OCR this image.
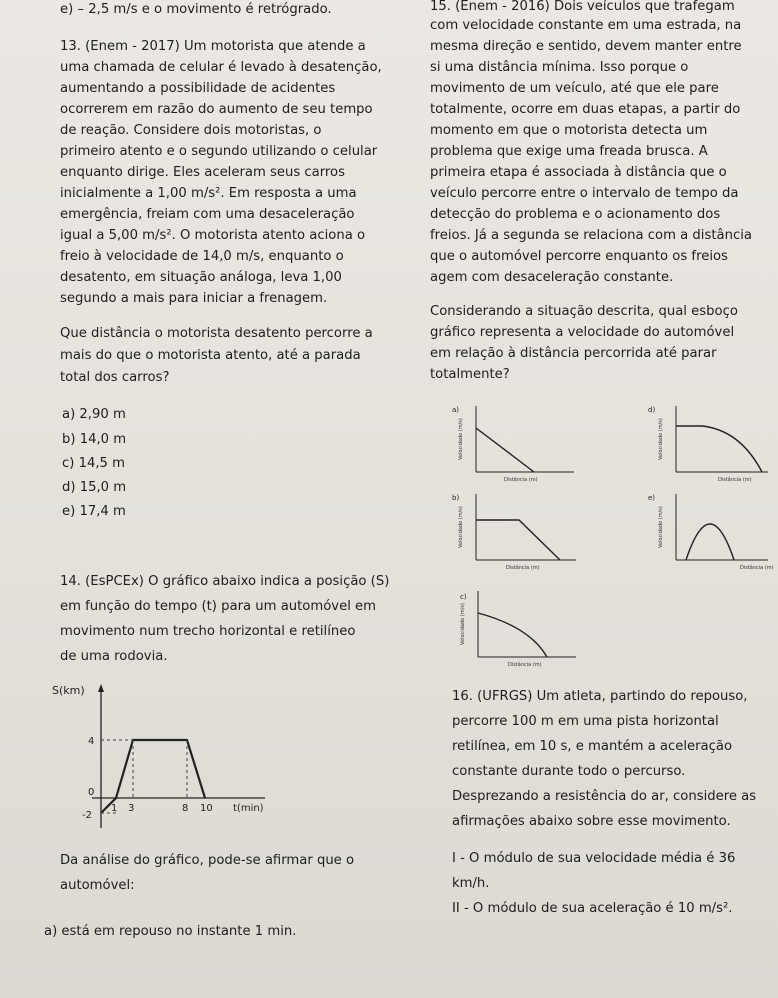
e) – 2,5 m/s e o movimento é retrógrado.
13. (Enem - 2017) Um motorista que atende a
uma chamada de celular é levado à desatenção,
aumentando a possibilidade de acidentes
ocorrerem em razão do aumento de seu tempo
de reação. Considere dois motoristas, o
primeiro atento e o segundo utilizando o celular
enquanto dirige. Eles aceleram seus carros
inicialmente a 1,00 m/s². Em resposta a uma
emergência, freiam com uma desaceleração
igual a 5,00 m/s². O motorista atento aciona o
freio à velocidade de 14,0 m/s, enquanto o
desatento, em situação análoga, leva 1,00
segundo a mais para iniciar a frenagem.
Que distância o motorista desatento percorre a
mais do que o motorista atento, até a parada
total dos carros?
a) 2,90 m
b) 14,0 m
c) 14,5 m
d) 15,0 m
e) 17,4 m
14. (EsPCEx) O gráfico abaixo indica a posição (S)
em função do tempo (t) para um automóvel em
movimento num trecho horizontal e retilíneo
de uma rodovia.
S(km)
4
0
-2
1 3	8 10 t(min)
Da análise do gráfico, pode-se afirmar que o
automóvel:
a) está em repouso no instante 1 min.
15. (Enem - 2016) Dois veículos que trafegam
com velocidade constante em uma estrada, na
mesma direção e sentido, devem manter entre
si uma distância mínima. Isso porque o
movimento de um veículo, até que ele pare
totalmente, ocorre em duas etapas, a partir do
momento em que o motorista detecta um
problema que exige uma freada brusca. A
primeira etapa é associada à distância que o
veículo percorre entre o intervalo de tempo da
detecção do problema e o acionamento dos
freios. Já a segunda se relaciona com a distância
que o automóvel percorre enquanto os freios
agem com desaceleração constante.
Considerando a situação descrita, qual esboço
gráfico representa a velocidade do automóvel
em relação à distância percorrida até parar
totalmente?
a)
Velocidade (m/s)
Distância (m)
d)
Velocidade (m/s)
Distância (m)
b)
Velocidade (m/s)
Distância (m)
e)
Velocidade (m/s)
Distância (m)
c)
Velocidade (m/s)
Distância (m)
16. (UFRGS) Um atleta, partindo do repouso,
percorre 100 m em uma pista horizontal
retilínea, em 10 s, e mantém a aceleração
constante durante todo o percurso.
Desprezando a resistência do ar, considere as
afirmações abaixo sobre esse movimento.
I - O módulo de sua velocidade média é 36
km/h.
II - O módulo de sua aceleração é 10 m/s².
